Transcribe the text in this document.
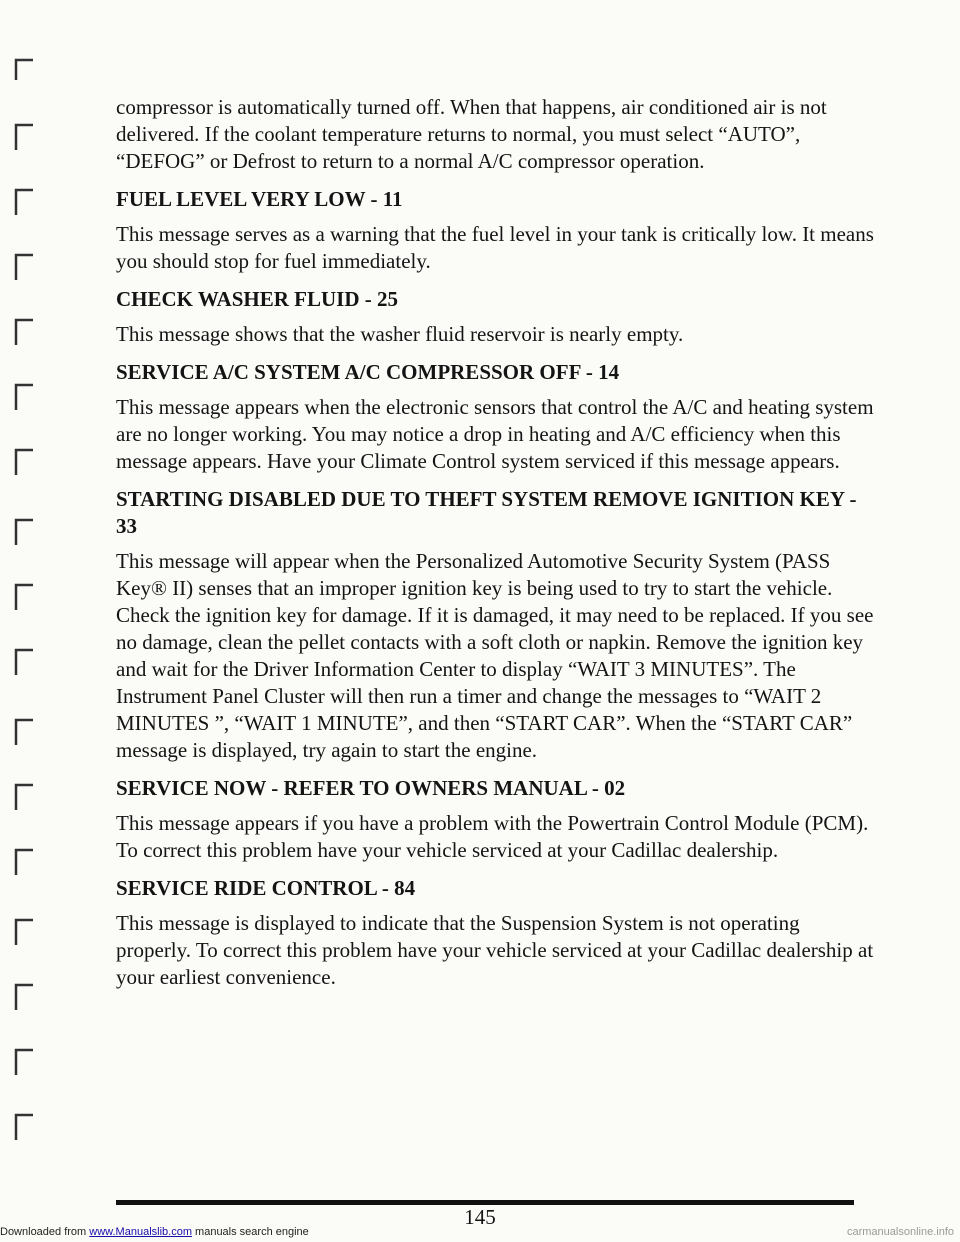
compressor is automatically turned off. When that happens, air conditioned air is not delivered. If the coolant temperature returns to normal, you must select “AUTO”, “DEFOG” or Defrost to return to a normal A/C compressor operation.

FUEL LEVEL VERY LOW - 11

This message serves as a warning that the fuel level in your tank is critically low. It means you should stop for fuel immediately.

CHECK WASHER FLUID - 25

This message shows that the washer fluid reservoir is nearly empty.

SERVICE A/C SYSTEM A/C COMPRESSOR OFF - 14

This message appears when the electronic sensors that control the A/C and heating system are no longer working. You may notice a drop in heating and A/C efficiency when this message appears. Have your Climate Control system serviced if this message appears.

STARTING DISABLED DUE TO THEFT SYSTEM REMOVE IGNITION KEY - 33

This message will appear when the Personalized Automotive Security System (PASS Key® II) senses that an improper ignition key is being used to try to start the vehicle. Check the ignition key for damage. If it is damaged, it may need to be replaced. If you see no damage, clean the pellet contacts with a soft cloth or napkin. Remove the ignition key and wait for the Driver Information Center to display “WAIT 3 MINUTES”. The Instrument Panel Cluster will then run a timer and change the messages to “WAIT 2 MINUTES ”, “WAIT 1 MINUTE”, and then “START CAR”. When the “START CAR” message is displayed, try again to start the engine.

SERVICE NOW - REFER TO OWNERS MANUAL - 02

This message appears if you have a problem with the Powertrain Control Module (PCM). To correct this problem have your vehicle serviced at your Cadillac dealership.

SERVICE RIDE CONTROL - 84

This message is displayed to indicate that the Suspension System is not operating properly. To correct this problem have your vehicle serviced at your Cadillac dealership at your earliest convenience.

145
Downloaded from www.Manualslib.com manuals search engine	carmanualsonline.info
